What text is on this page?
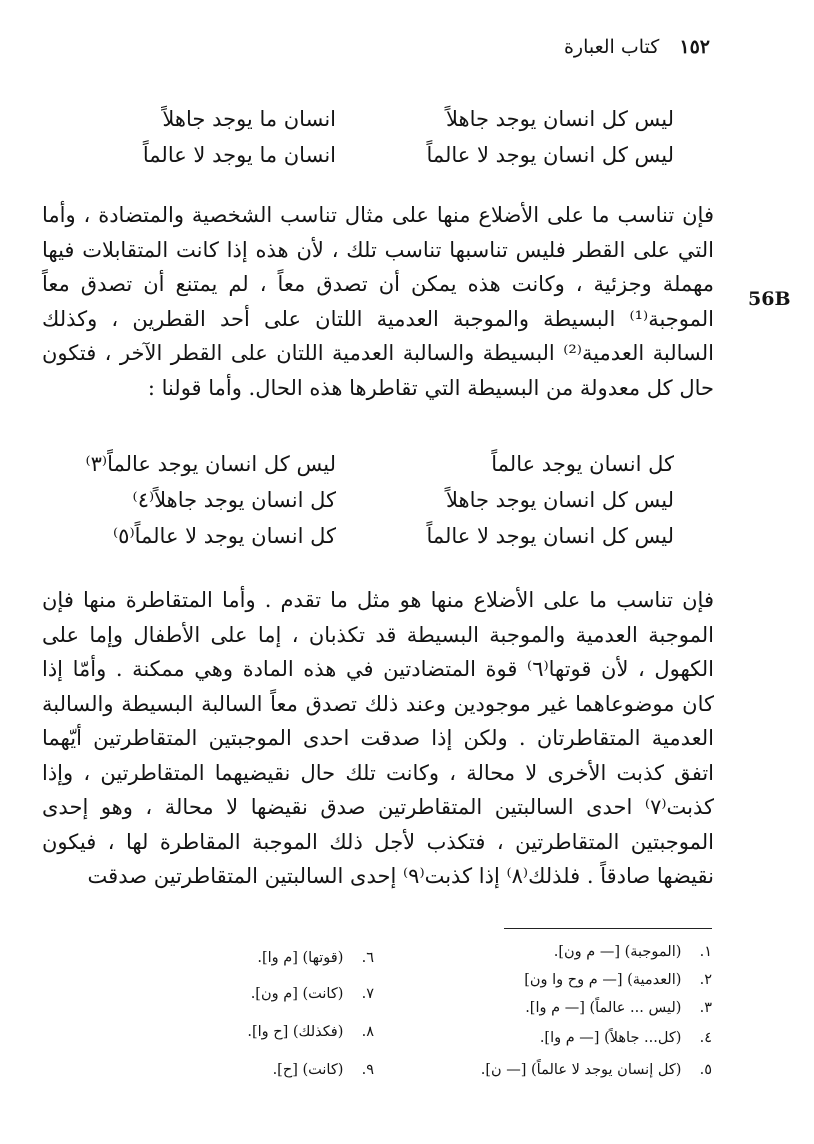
١٥٢ كتاب العبارة
56B
ليس كل انسان يوجد جاهلاً
انسان ما يوجد جاهلاً
ليس كل انسان يوجد لا عالماً
انسان ما يوجد لا عالماً
فإن تناسب ما على الأضلاع منها على مثال تناسب الشخصية والمتضادة ، وأما التي على القطر فليس تناسبها تناسب تلك ، لأن هذه إذا كانت المتقابلات فيها مهملة وجزئية ، وكانت هذه يمكن أن تصدق معاً ، لم يمتنع أن تصدق معاً الموجبة⁽¹⁾ البسيطة والموجبة العدمية اللتان على أحد القطرين ، وكذلك السالبة العدمية⁽²⁾ البسيطة والسالبة العدمية اللتان على القطر الآخر ، فتكون حال كل معدولة من البسيطة التي تقاطرها هذه الحال. وأما قولنا :
كل انسان يوجد عالماً
ليس كل انسان يوجد عالماً⁽٣⁾
ليس كل انسان يوجد جاهلاً
كل انسان يوجد جاهلاً⁽٤⁾
ليس كل انسان يوجد لا عالماً
كل انسان يوجد لا عالماً⁽٥⁾
فإن تناسب ما على الأضلاع منها هو مثل ما تقدم . وأما المتقاطرة منها فإن الموجبة العدمية والموجبة البسيطة قد تكذبان ، إما على الأطفال وإما على الكهول ، لأن قوتها⁽٦⁾ قوة المتضادتين في هذه المادة وهي ممكنة . وأمّا إذا كان موضوعاهما غير موجودين وعند ذلك تصدق معاً السالبة البسيطة والسالبة العدمية المتقاطرتان . ولكن إذا صدقت احدى الموجبتين المتقاطرتين أيّهما اتفق كذبت الأخرى لا محالة ، وكانت تلك حال نقيضيهما المتقاطرتين ، وإذا كذبت⁽٧⁾ احدى السالبتين المتقاطرتين صدق نقيضها لا محالة ، وهو إحدى الموجبتين المتقاطرتين ، فتكذب لأجل ذلك الموجبة المقاطرة لها ، فيكون نقيضها صادقاً . فلذلك⁽٨⁾ إذا كذبت⁽٩⁾ إحدى السالبتين المتقاطرتين صدقت
١. (الموجبة) [— م ون].
٢. (العدمية) [— م وح وا ون]
٣. (ليس ... عالماً) [— م وا].
٤. (كل... جاهلاً) [— م وا].
٥. (كل إنسان يوجد لا عالماً) [— ن].
٦. (قوتها) [م وا].
٧. (كانت) [م ون].
٨. (فكذلك) [ح وا].
٩. (كانت) [ح].
